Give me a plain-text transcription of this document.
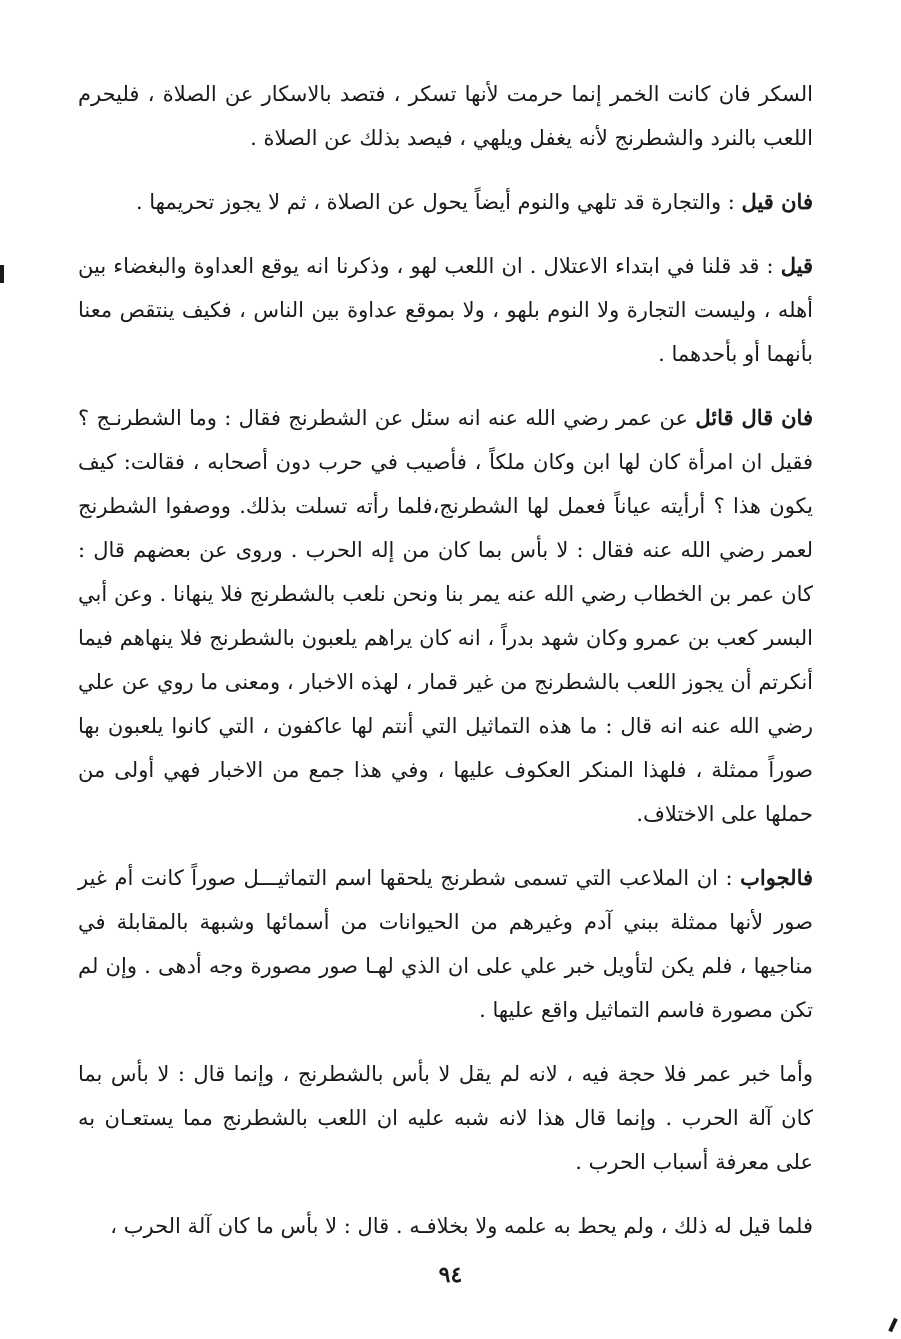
السكر فان كانت الخمر إنما حرمت لأنها تسكر ، فتصد بالاسكار عن الصلاة ، فليحرم اللعب بالنرد والشطرنج لأنه يغفل ويلهي ، فيصد بذلك عن الصلاة .

فان قيل : والتجارة قد تلهي والنوم أيضاً يحول عن الصلاة ، ثم لا يجوز تحريمها .

قيل : قد قلنا في ابتداء الاعتلال . ان اللعب لهو ، وذكرنا انه يوقع العداوة والبغضاء بين أهله ، وليست التجارة ولا النوم بلهو ، ولا بموقع عداوة بين الناس ، فكيف ينتقص معنا بأنهما أو بأحدهما .

فان قال قائل عن عمر رضي الله عنه انه سئل عن الشطرنج فقال : وما الشطرنـج ؟ فقيل ان امرأة كان لها ابن وكان ملكاً ، فأصيب في حرب دون أصحابه ، فقالت: كيف يكون هذا ؟ أرأيته عياناً فعمل لها الشطرنج،فلما رأته تسلت بذلك. ووصفوا الشطرنج لعمر رضي الله عنه فقال : لا بأس بما كان من إله الحرب . وروى عن بعضهم قال : كان عمر بن الخطاب رضي الله عنه يمر بنا ونحن نلعب بالشطرنج فلا ينهانا . وعن أبي البسر كعب بن عمرو وكان شهد بدراً ، انه كان يراهم يلعبون بالشطرنج فلا ينهاهم فيما أنكرتم أن يجوز اللعب بالشطرنج من غير قمار ، لهذه الاخبار ، ومعنى ما روي عن علي رضي الله عنه انه قال : ما هذه التماثيل التي أنتم لها عاكفون ، التي كانوا يلعبون بها صوراً ممثلة ، فلهذا المنكر العكوف عليها ، وفي هذا جمع من الاخبار فهي أولى من حملها على الاختلاف.

فالجواب : ان الملاعب التي تسمى شطرنج يلحقها اسم التماثيـــل صوراً كانت أم غير صور لأنها ممثلة ببني آدم وغيرهم من الحيوانات من أسمائها وشبهة بالمقابلة في مناجيها ، فلم يكن لتأويل خبر علي على ان الذي لهـا صور مصورة وجه أدهى . وإن لم تكن مصورة فاسم التماثيل واقع عليها .

وأما خبر عمر فلا حجة فيه ، لانه لم يقل لا بأس بالشطرنج ، وإنما قال : لا بأس بما كان آلة الحرب . وإنما قال هذا لانه شبه عليه ان اللعب بالشطرنج مما يستعـان به على معرفة أسباب الحرب .

فلما قيل له ذلك ، ولم يحط به علمه ولا بخلافـه . قال : لا بأس ما كان آلة الحرب ،

٩٤
